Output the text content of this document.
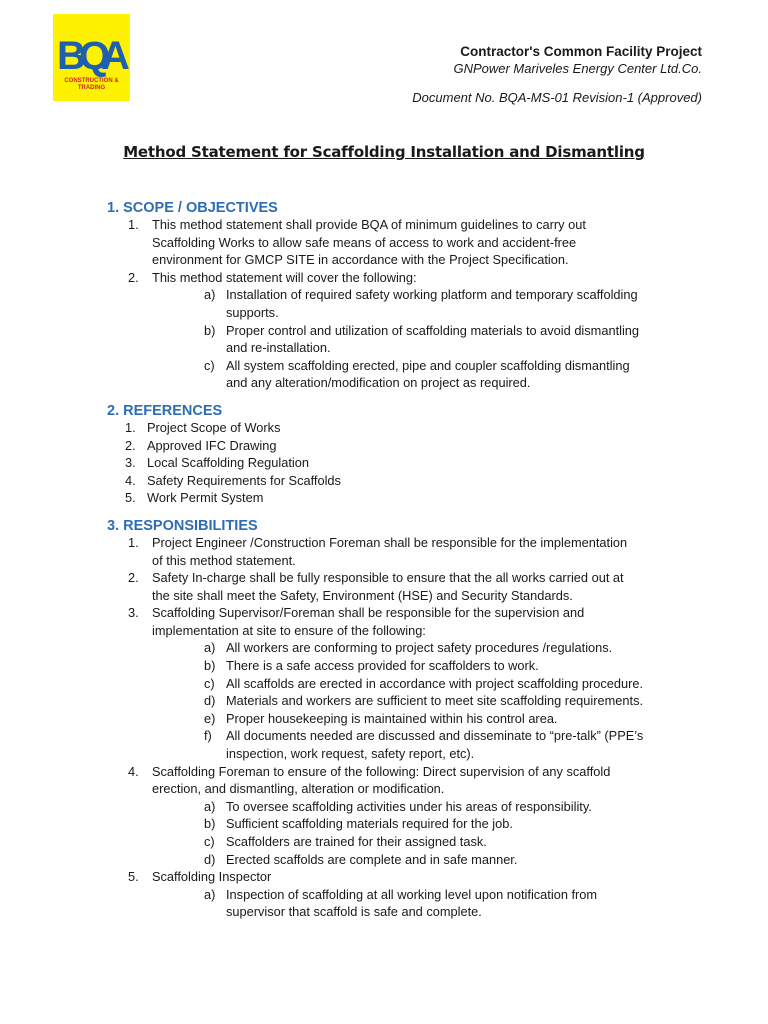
B
Q
A
CONSTRUCTION & TRADING
Contractor's Common Facility Project
GNPower Mariveles Energy Center Ltd.Co.
Document No. BQA-MS-01 Revision-1 (Approved)
Method Statement for Scaffolding Installation and Dismantling
1. SCOPE / OBJECTIVES
1. This method statement shall provide BQA of minimum guidelines to carry out
Scaffolding Works to allow safe means of access to work and accident-free
environment for GMCP SITE in accordance with the Project Specification.
2. This method statement will cover the following:
a) Installation of required safety working platform and temporary scaffolding
supports.
b) Proper control and utilization of scaffolding materials to avoid dismantling
and re-installation.
c) All system scaffolding erected, pipe and coupler scaffolding dismantling
and any alteration/modification on project as required.
2. REFERENCES
1. Project Scope of Works
2. Approved IFC Drawing
3. Local Scaffolding Regulation
4. Safety Requirements for Scaffolds
5. Work Permit System
3. RESPONSIBILITIES
1. Project Engineer /Construction Foreman shall be responsible for the implementation
of this method statement.
2. Safety In-charge shall be fully responsible to ensure that the all works carried out at
the site shall meet the Safety, Environment (HSE) and Security Standards.
3. Scaffolding Supervisor/Foreman shall be responsible for the supervision and
implementation at site to ensure of the following:
a) All workers are conforming to project safety procedures /regulations.
b) There is a safe access provided for scaffolders to work.
c) All scaffolds are erected in accordance with project scaffolding procedure.
d) Materials and workers are sufficient to meet site scaffolding requirements.
e) Proper housekeeping is maintained within his control area.
f) All documents needed are discussed and disseminate to “pre-talk” (PPE’s
inspection, work request, safety report, etc).
4. Scaffolding Foreman to ensure of the following: Direct supervision of any scaffold
erection, and dismantling, alteration or modification.
a) To oversee scaffolding activities under his areas of responsibility.
b) Sufficient scaffolding materials required for the job.
c) Scaffolders are trained for their assigned task.
d) Erected scaffolds are complete and in safe manner.
5. Scaffolding Inspector
a) Inspection of scaffolding at all working level upon notification from
supervisor that scaffold is safe and complete.
